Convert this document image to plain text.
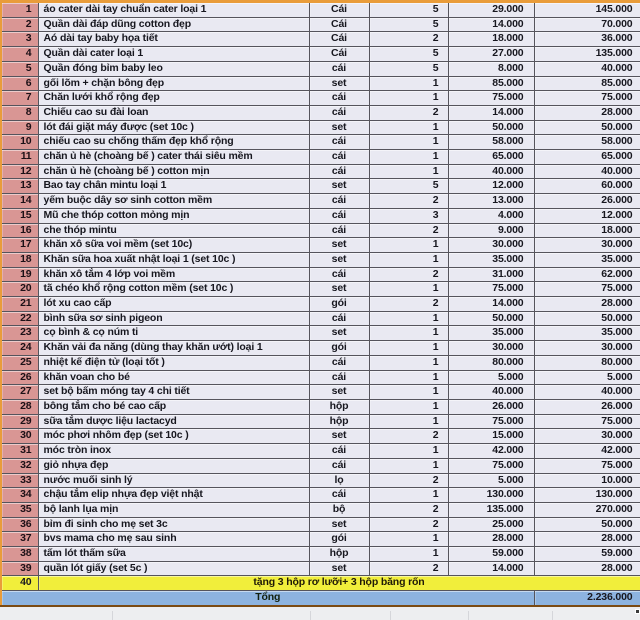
1	áo cater dài tay chuẩn cater loại 1	Cái	5	29.000	145.000
2	Quần dài đáp dũng cotton đẹp	Cái	5	14.000	70.000
3	Aó dài tay baby họa tiết	Cái	2	18.000	36.000
4	Quần dài cater loại 1	Cái	5	27.000	135.000
5	Quần đóng bỉm baby leo	cái	5	8.000	40.000
6	gối lõm + chặn bông đẹp	set	1	85.000	85.000
7	Chăn lưới khổ rộng đẹp	cái	1	75.000	75.000
8	Chiếu cao su đài loan	cái	2	14.000	28.000
9	lót đái giặt máy được (set 10c )	set	1	50.000	50.000
10	chiếu cao su chống thấm đẹp khổ rộng	cái	1	58.000	58.000
11	chăn ủ hè (choàng bế ) cater thái siêu mềm	cái	1	65.000	65.000
12	chăn ủ hè (choàng bế ) cotton mịn	cái	1	40.000	40.000
13	Bao tay chân mintu loại 1	set	5	12.000	60.000
14	yếm buộc dây sơ sinh cotton mềm	cái	2	13.000	26.000
15	Mũ che thóp cotton mỏng mịn	cái	3	4.000	12.000
16	che thóp mintu	cái	2	9.000	18.000
17	khăn xô sữa voi mềm (set 10c)	set	1	30.000	30.000
18	Khăn sữa hoa xuất nhật loại 1 (set 10c )	set	1	35.000	35.000
19	khăn xô tắm 4 lớp voi mềm	cái	2	31.000	62.000
20	tã chéo khổ rộng cotton mềm (set 10c )	set	1	75.000	75.000
21	lót xu cao cấp	gói	2	14.000	28.000
22	bình sữa sơ sinh pigeon	cái	1	50.000	50.000
23	cọ bình & cọ núm ti	set	1	35.000	35.000
24	Khăn vải đa năng (dùng thay khăn ướt) loại 1	gói	1	30.000	30.000
25	nhiệt kế điện tử (loại tốt )	cái	1	80.000	80.000
26	khăn voan cho bé	cái	1	5.000	5.000
27	set bộ bấm móng tay 4 chi tiết	set	1	40.000	40.000
28	bông tắm cho bé cao cấp	hộp	1	26.000	26.000
29	sữa tắm dược liệu lactacyd	hộp	1	75.000	75.000
30	móc phơi nhôm đẹp (set 10c )	set	2	15.000	30.000
31	móc tròn inox	cái	1	42.000	42.000
32	giỏ nhựa đẹp	cái	1	75.000	75.000
33	nước muối sinh lý	lọ	2	5.000	10.000
34	chậu tắm elip nhựa đẹp việt nhật	cái	1	130.000	130.000
35	bộ lanh lụa mịn	bộ	2	135.000	270.000
36	bỉm đi sinh cho mẹ set 3c	set	2	25.000	50.000
37	bvs mama cho mẹ sau sinh	gói	1	28.000	28.000
38	tấm lót thấm sữa	hộp	1	59.000	59.000
39	quần lót giấy (set 5c )	set	2	14.000	28.000
40	tặng 3 hộp rơ lưỡi+ 3 hộp băng rốn				
Tổng					2.236.000
